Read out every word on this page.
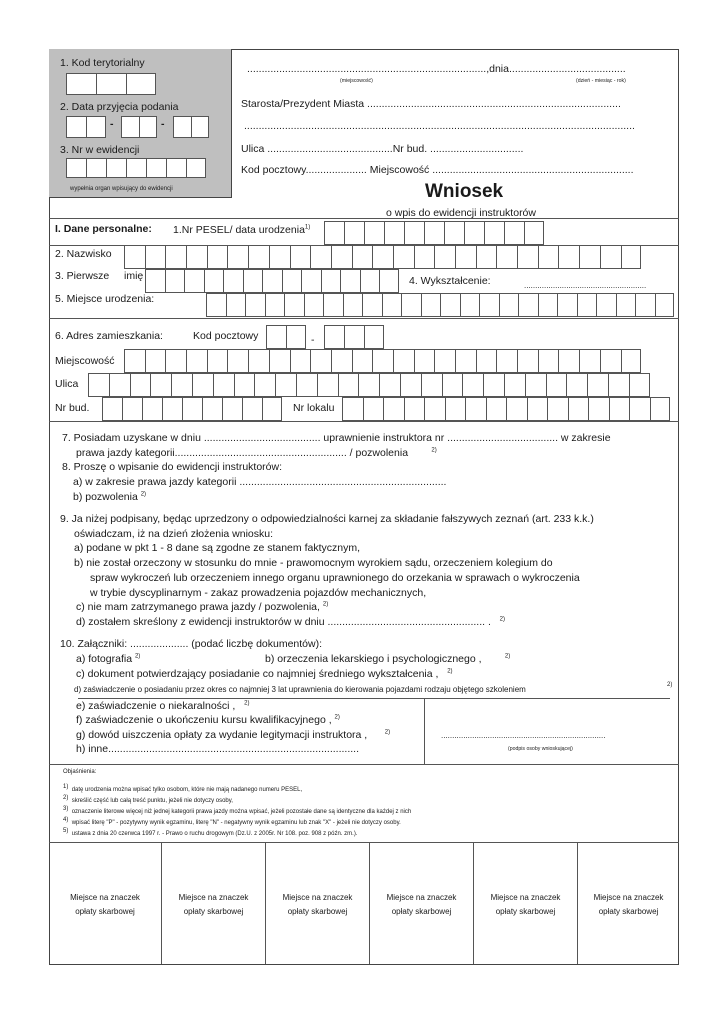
1. Kod terytorialny
2. Data przyjęcia podania
-	-
3. Nr w ewidencji
wypełnia organ wpisujący do ewidencji
..................................................................................,dnia........................................
(miejscowość)	(dzień - miesiąc - rok)
Starosta/Prezydent Miasta .......................................................................................
......................................................................................................................................
Ulica ...........................................Nr bud. ................................
Kod pocztowy..................... Miejscowość .....................................................................
Wniosek
o wpis do ewidencji instruktorów
I. Dane personalne: 1.Nr PESEL/ data urodzenia$^{1)}$
2. Nazwisko
3. Pierwsze imię	4. Wykształcenie:	.......................................................
5. Miejsce urodzenia:
6. Adres zamieszkania:	Kod pocztowy	-
Miejscowość
Ulica
Nr bud.	Nr lokalu
7. Posiadam uzyskane w dniu ........................................ uprawnienie instruktora nr ...................................... w zakresie
prawa jazdy kategorii........................................................... / pozwolenia	$^{2)}$
8. Proszę o wpisanie do ewidencji instruktorów:
a) w zakresie prawa jazdy kategorii .......................................................................
b) pozwolenia $^{2)}$
9. Ja niżej podpisany, będąc uprzedzony o odpowiedzialności karnej za składanie fałszywych zeznań (art. 233 k.k.)
oświadczam, iż na dzień złożenia wniosku:
a) podane w pkt 1 - 8 dane są zgodne ze stanem faktycznym,
b) nie został orzeczony w stosunku do mnie - prawomocnym wyrokiem sądu, orzeczeniem kolegium do
spraw wykroczeń lub orzeczeniem innego organu uprawnionego do orzekania w sprawach o wykroczenia
w trybie dyscyplinarnym - zakaz prowadzenia pojazdów mechanicznych,
c) nie mam zatrzymanego prawa jazdy / pozwolenia, $^{2)}$
d) zostałem skreślony z ewidencji instruktorów w dniu ...................................................... . $^{2)}$
10. Załączniki: .................... (podać liczbę dokumentów):
a) fotografia $^{2)}$	b) orzeczenia lekarskiego i psychologicznego ,	$^{2)}$
c) dokument potwierdzający posiadanie co najmniej średniego wykształcenia , $^{2)}$
d) zaświadczenie o posiadaniu przez okres co najmniej 3 lat uprawnienia do kierowania pojazdami rodzaju objętego szkoleniem	2)
e) zaświadczenie o niekaralności , $^{2)}$
f) zaświadczenie o ukończeniu kursu kwalifikacyjnego , $^{2)}$
g) dowód uiszczenia opłaty za wydanie legitymacji instruktora ,	$^{2)}$
h) inne......................................................................................
..........................................................................
(podpis osoby wnioskującej)
Objaśnienia:
$^{1)}$ datę urodzenia można wpisać tylko osobom, które nie mają nadanego numeru PESEL,
$^{2)}$ skreślić część lub całą treść punktu, jeżeli nie dotyczy osoby,
$^{3)}$ oznaczenie literowe więcej niż jednej kategorii prawa jazdy można wpisać, jeżeli pozostałe dane są identyczne dla każdej z nich
$^{4)}$ wpisać literę "P" - pozytywny wynik egzaminu, literę "N" - negatywny wynik egzaminu lub znak "X" - jeżeli nie dotyczy osoby.
$^{5)}$ ustawa z dnia 20 czerwca 1997 r. - Prawo o ruchu drogowym (Dz.U. z 2005r. Nr 108. poz. 908 z późn. zm.).
Miejsce na znaczek
opłaty skarbowej
Miejsce na znaczek
opłaty skarbowej
Miejsce na znaczek
opłaty skarbowej
Miejsce na znaczek
opłaty skarbowej
Miejsce na znaczek
opłaty skarbowej
Miejsce na znaczek
opłaty skarbowej
